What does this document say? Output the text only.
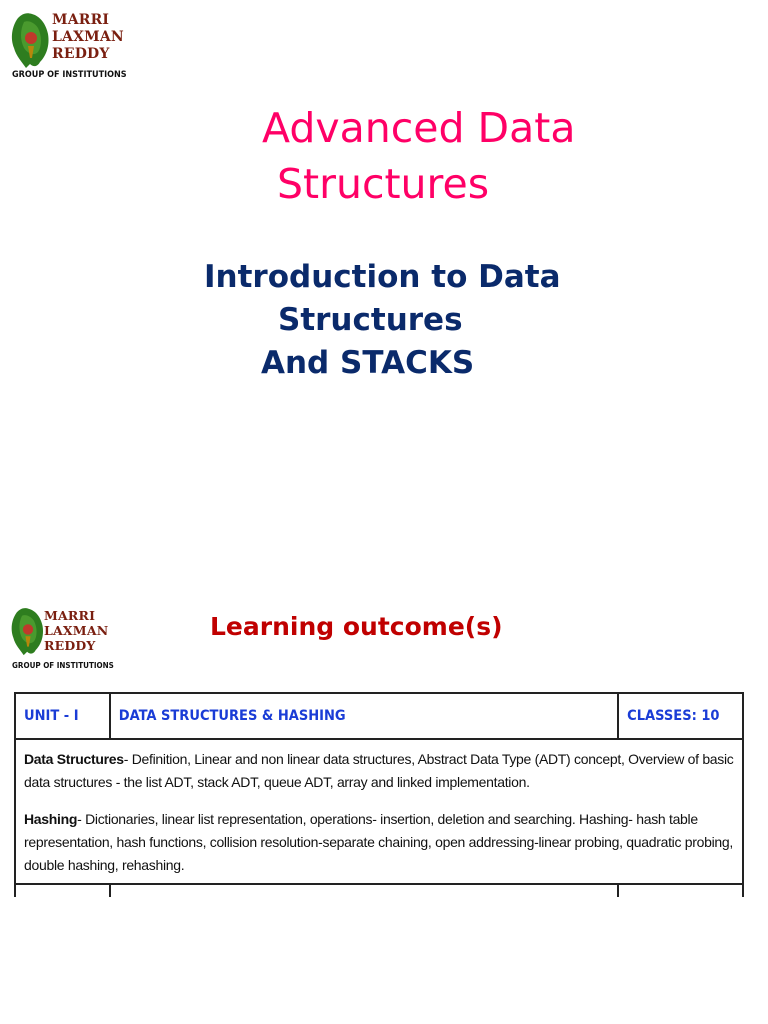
MARRI
LAXMAN
REDDY
GROUP OF INSTITUTIONS
Advanced Data
Structures
Introduction to Data
Structures
And STACKS
MARRI
LAXMAN
REDDY
GROUP OF INSTITUTIONS
Learning outcome(s)
UNIT - I	DATA STRUCTURES & HASHING	CLASSES: 10

Data Structures- Definition, Linear and non linear data structures, Abstract Data Type (ADT) concept, Overview of basic data structures - the list ADT, stack ADT, queue ADT, array and linked implementation.

Hashing- Dictionaries, linear list representation, operations- insertion, deletion and searching. Hashing- hash table representation, hash functions, collision resolution-separate chaining, open addressing-linear probing, quadratic probing, double hashing, rehashing.		
